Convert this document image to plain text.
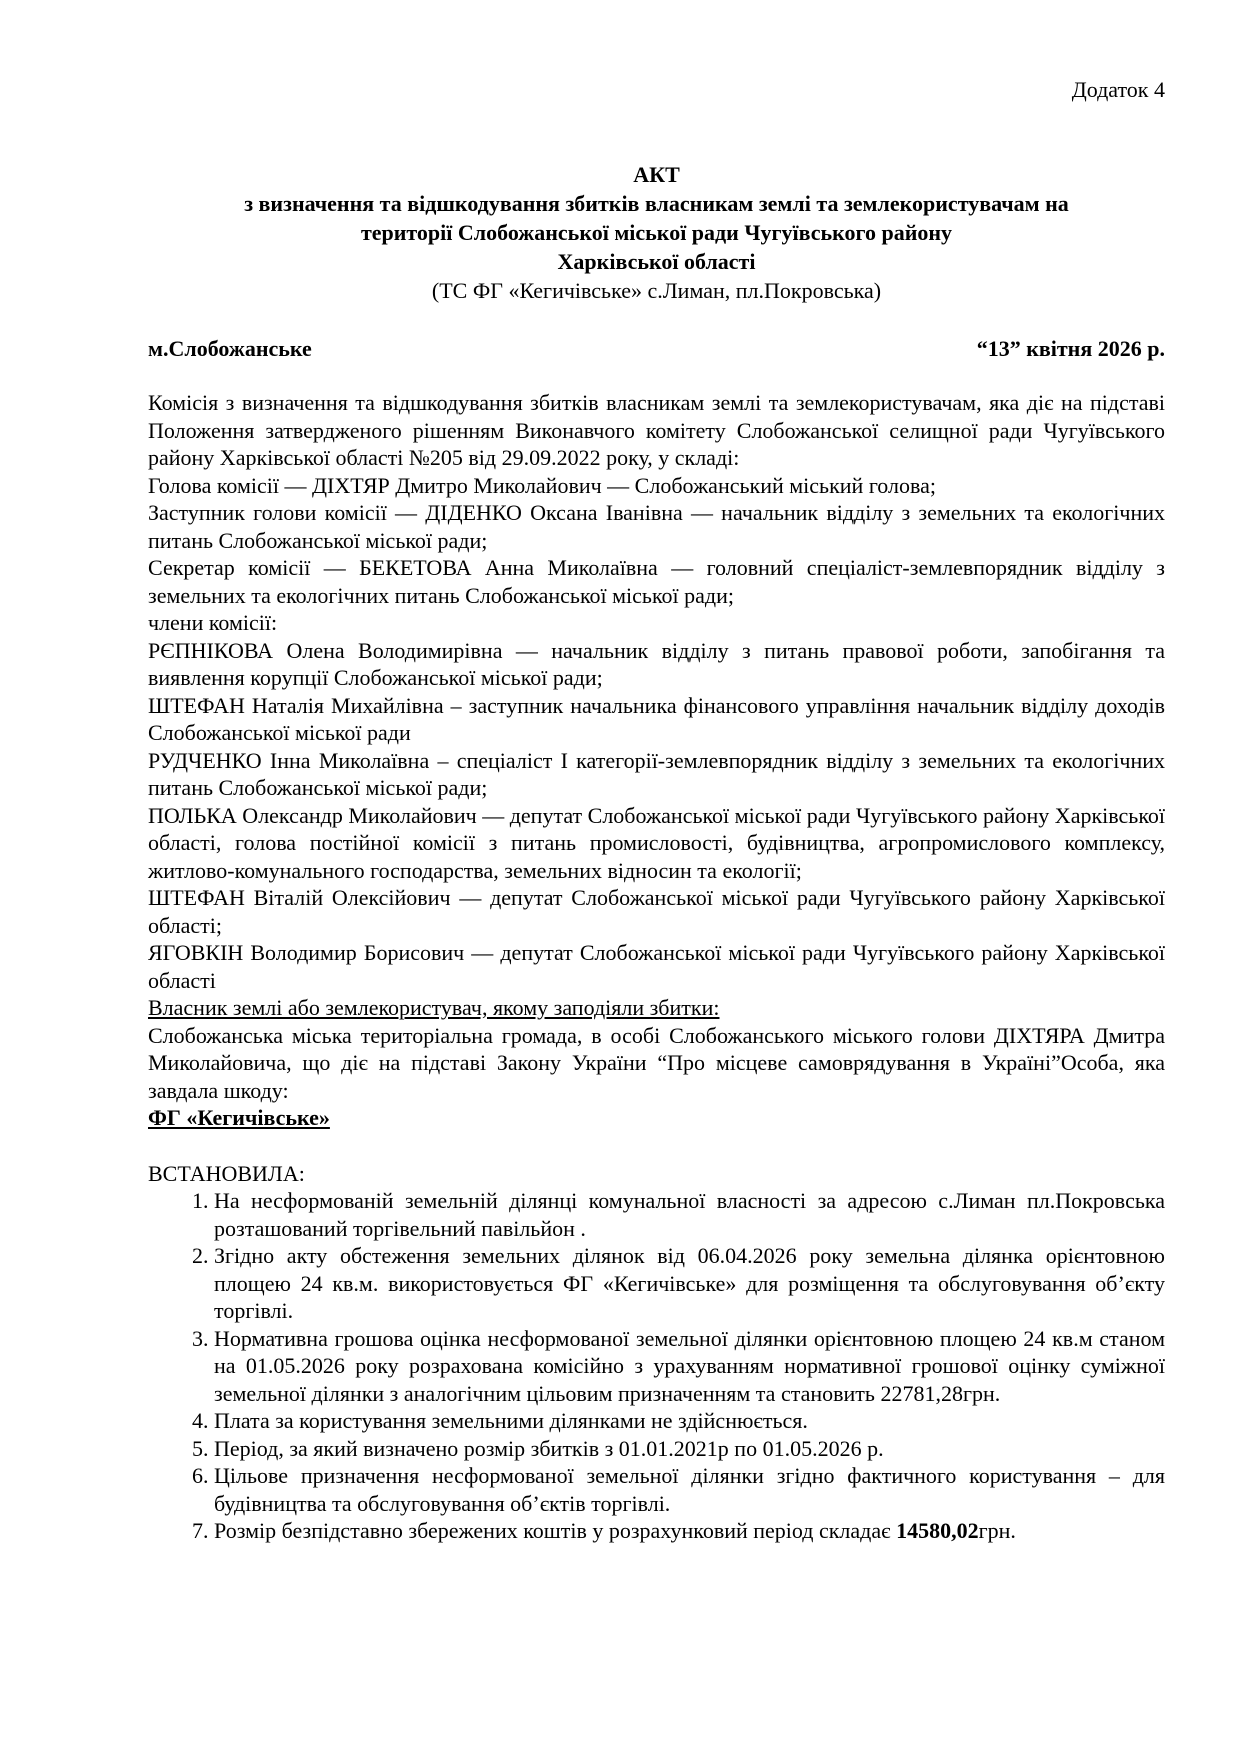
Додаток 4
АКТ
з визначення та відшкодування збитків власникам землі та землекористувачам на
території Слобожанської міської ради Чугуївського району
Харківської області
(ТС ФГ «Кегичівське» с.Лиман, пл.Покровська)
м.Слобожанське	“13” квітня 2026 р.
Комісія з визначення та відшкодування збитків власникам землі та землекористувачам, яка діє на підставі Положення затвердженого рішенням Виконавчого комітету Слобожанської селищної ради Чугуївського району Харківської області №205 від 29.09.2022 року, у складі:
Голова комісії — ДІХТЯР Дмитро Миколайович — Слобожанський міський голова;
Заступник голови комісії — ДІДЕНКО Оксана Іванівна — начальник відділу з земельних та екологічних питань Слобожанської міської ради;
Секретар комісії — БЕКЕТОВА Анна Миколаївна — головний спеціаліст-землевпорядник відділу з земельних та екологічних питань Слобожанської міської ради;
члени комісії:
РЄПНІКОВА Олена Володимирівна — начальник відділу з питань правової роботи, запобігання та виявлення корупції Слобожанської міської ради;
ШТЕФАН Наталія Михайлівна – заступник начальника фінансового управління начальник відділу доходів Слобожанської міської ради
РУДЧЕНКО Інна Миколаївна – спеціаліст І категорії-землевпорядник відділу з земельних та екологічних питань Слобожанської міської ради;
ПОЛЬКА Олександр Миколайович — депутат Слобожанської міської ради Чугуївського району Харківської області, голова постійної комісії з питань промисловості, будівництва, агропромислового комплексу, житлово-комунального господарства, земельних відносин та екології;
ШТЕФАН Віталій Олексійович — депутат Слобожанської міської ради Чугуївського району Харківської області;
ЯГОВКІН Володимир Борисович — депутат Слобожанської міської ради Чугуївського району Харківської області
Власник землі або землекористувач, якому заподіяли збитки:
Слобожанська міська територіальна громада, в особі Слобожанського міського голови ДІХТЯРА Дмитра Миколайовича, що діє на підставі Закону України “Про місцеве самоврядування в Україні”Особа, яка завдала шкоду:
ФГ «Кегичівське»
ВСТАНОВИЛА:
1. На несформованій земельній ділянці комунальної власності за адресою с.Лиман пл.Покровська розташований торгівельний павільйон .
2. Згідно акту обстеження земельних ділянок від 06.04.2026 року земельна ділянка орієнтовною площею 24 кв.м. використовується ФГ «Кегичівське» для розміщення та обслуговування об’єкту торгівлі.
3. Нормативна грошова оцінка несформованої земельної ділянки орієнтовною площею 24 кв.м станом на 01.05.2026 року розрахована комісійно з урахуванням нормативної грошової оцінку суміжної земельної ділянки з аналогічним цільовим призначенням та становить 22781,28грн.
4. Плата за користування земельними ділянками не здійснюється.
5. Період, за який визначено розмір збитків з 01.01.2021р по 01.05.2026 р.
6. Цільове призначення несформованої земельної ділянки згідно фактичного користування – для будівництва та обслуговування об’єктів торгівлі.
7. Розмір безпідставно збережених коштів у розрахунковий період складає 14580,02грн.
